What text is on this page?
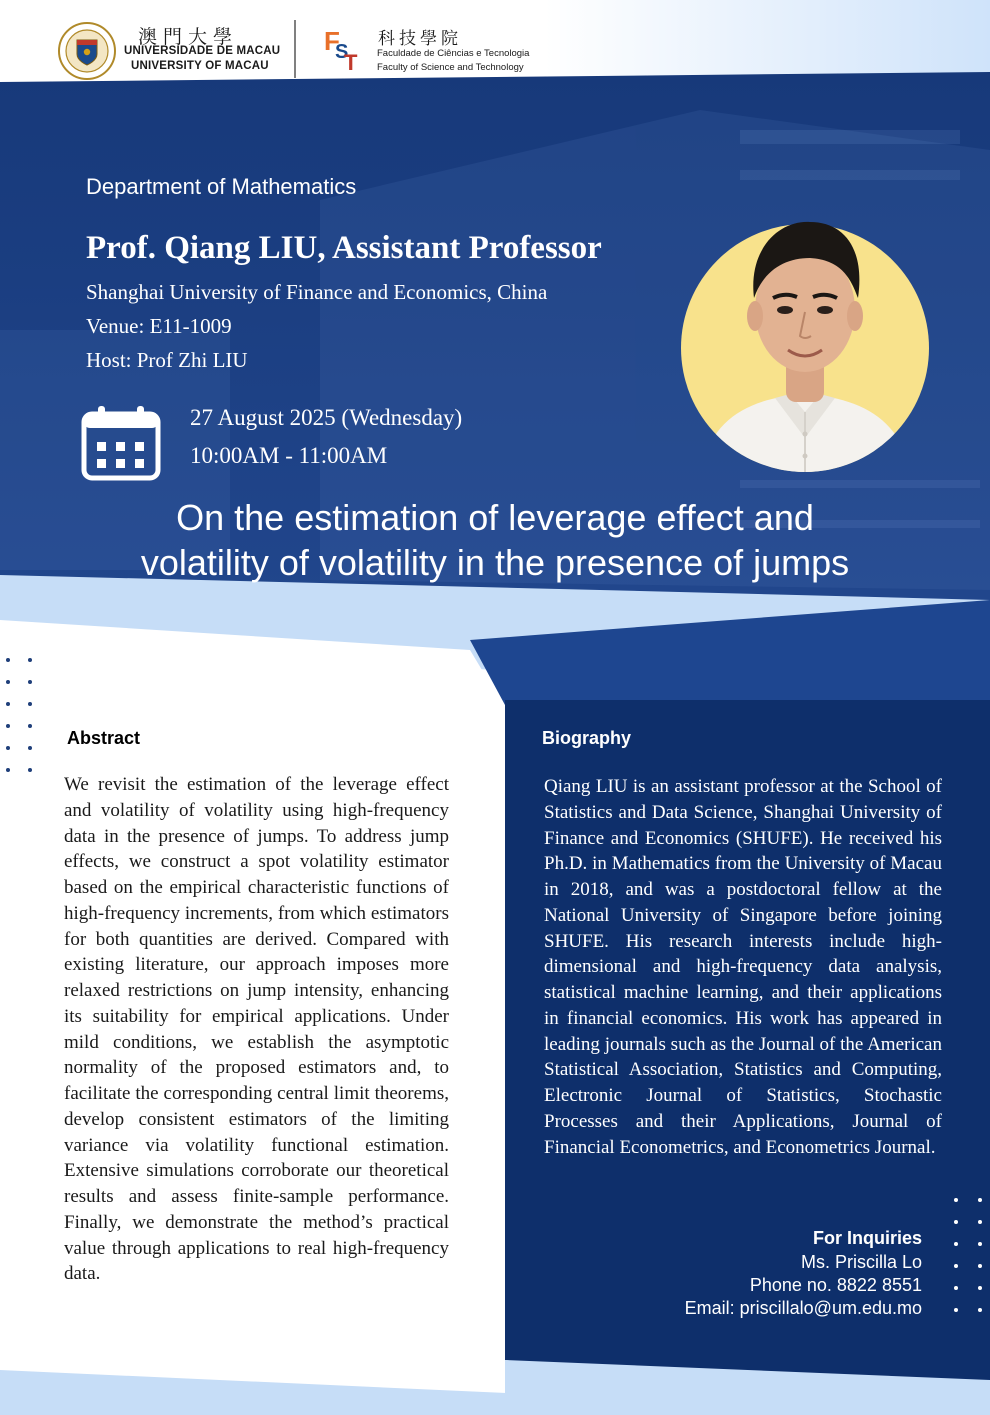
澳門大學
UNIVERSIDADE DE MACAU
UNIVERSITY OF MACAU
F
S
T
科技學院
Faculdade de Ciências e Tecnologia
Faculty of Science and Technology
Department of Mathematics
Prof. Qiang LIU, Assistant Professor
Shanghai University of Finance and Economics, China
Venue: E11-1009
Host: Prof Zhi LIU
27 August 2025 (Wednesday)
10:00AM - 11:00AM
On the estimation of leverage effect and
volatility of volatility in the presence of jumps
Abstract
We revisit the estimation of the leverage effect and volatility of volatility using high-frequency data in the presence of jumps. To address jump effects, we construct a spot volatility estimator based on the empirical characteristic functions of high-frequency increments, from which estimators for both quantities are derived. Compared with existing literature, our approach imposes more relaxed restrictions on jump intensity, enhancing its suitability for empirical applications. Under mild conditions, we establish the asymptotic normality of the proposed estimators and, to facilitate the corresponding central limit theorems, develop consistent estimators of the limiting variance via volatility functional estimation. Extensive simulations corroborate our theoretical results and assess finite-sample performance. Finally, we demonstrate the method’s practical value through applications to real high-frequency data.
Biography
Qiang LIU is an assistant professor at the School of Statistics and Data Science, Shanghai University of Finance and Economics (SHUFE). He received his Ph.D. in Mathematics from the University of Macau in 2018, and was a postdoctoral fellow at the National University of Singapore before joining SHUFE. His research interests include high-dimensional and high-frequency data analysis, statistical machine learning, and their applications in financial economics. His work has appeared in leading journals such as the Journal of the American Statistical Association, Statistics and Computing, Electronic Journal of Statistics, Stochastic Processes and their Applications, Journal of Financial Econometrics, and Econometrics Journal.
For Inquiries
Ms. Priscilla Lo
Phone no. 8822 8551
Email: priscillalo@um.edu.mo
